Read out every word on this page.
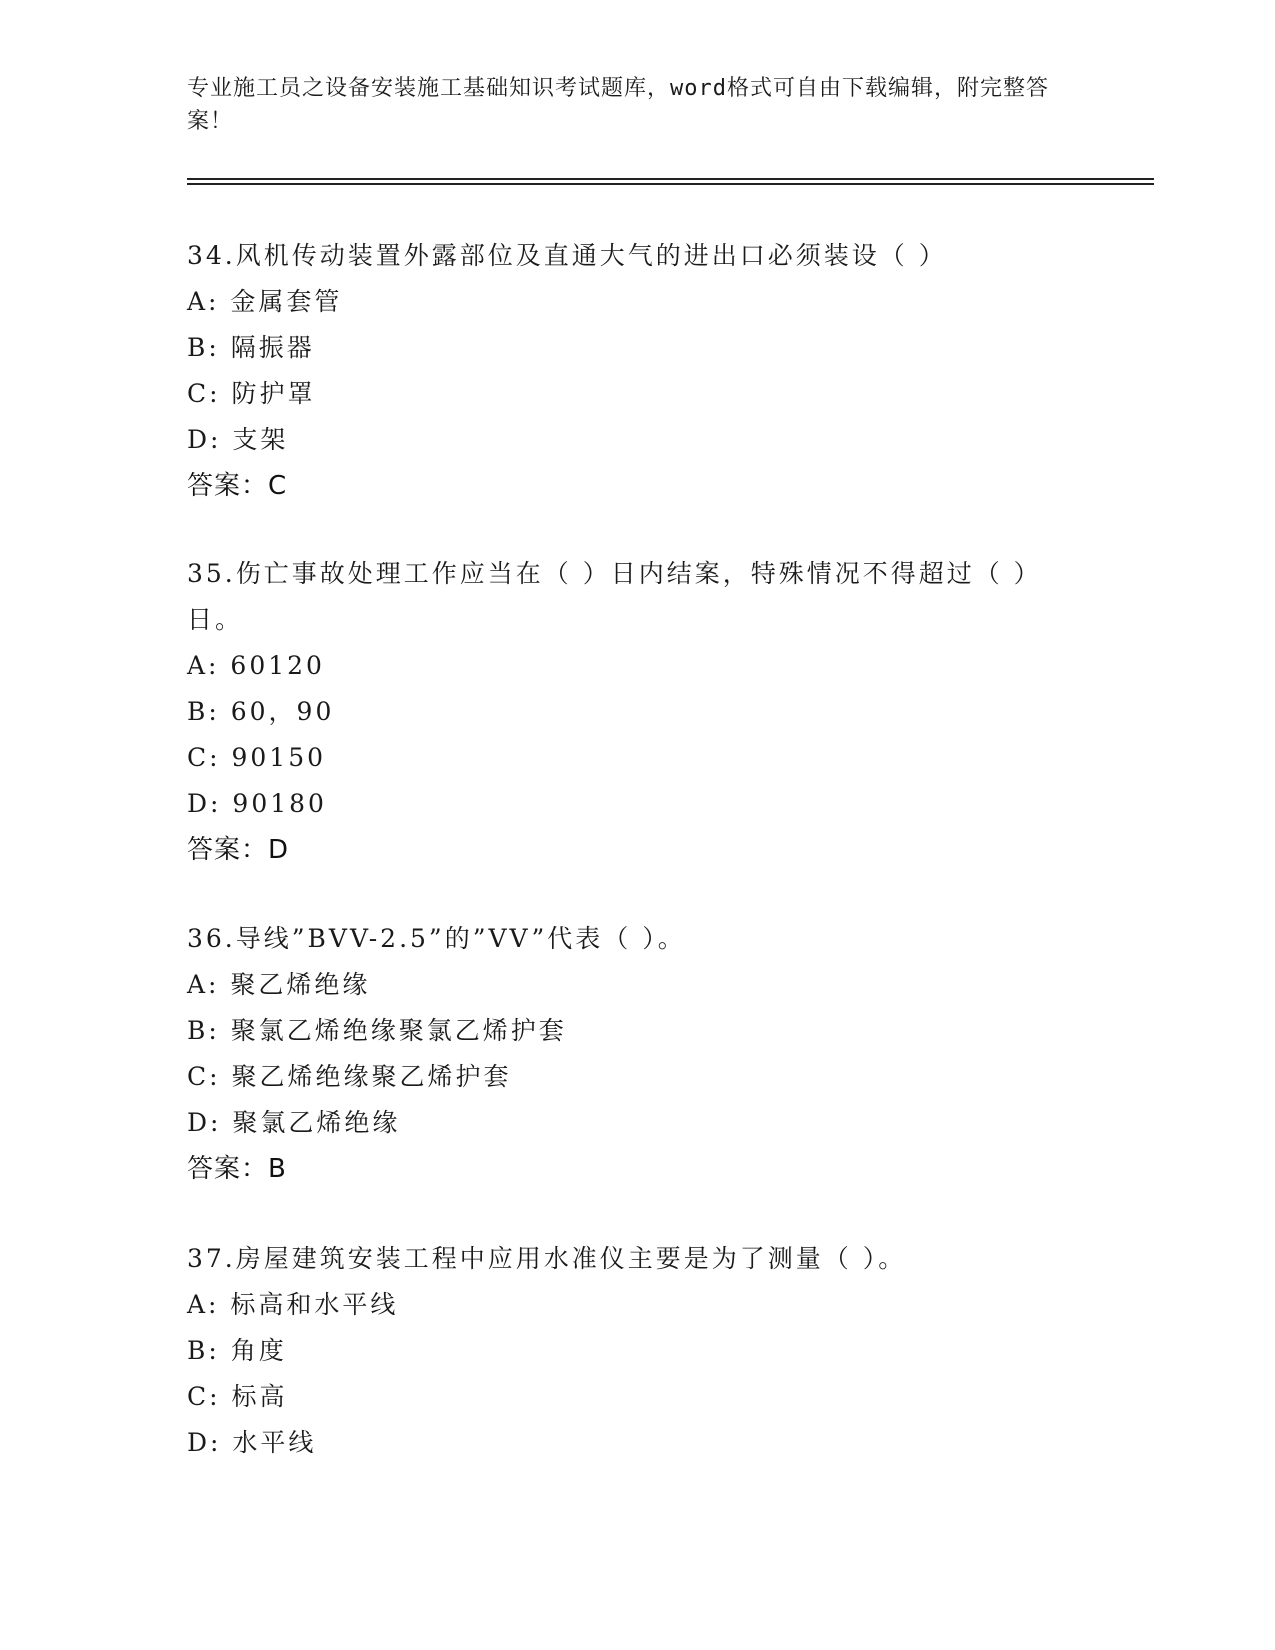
专业施工员之设备安装施工基础知识考试题库，word格式可自由下载编辑，附完整答案！

34.风机传动装置外露部位及直通大气的进出口必须装设（ ）

A: 金属套管

B: 隔振器

C: 防护罩

D: 支架

答案：C

35.伤亡事故处理工作应当在（ ）日内结案，特殊情况不得超过（ ）日。

A: 60120

B: 60，90

C: 90150

D: 90180

答案：D

36.导线”BVV-2.5”的”VV”代表（ ）。

A: 聚乙烯绝缘

B: 聚氯乙烯绝缘聚氯乙烯护套

C: 聚乙烯绝缘聚乙烯护套

D: 聚氯乙烯绝缘

答案：B

37.房屋建筑安装工程中应用水准仪主要是为了测量（ ）。

A: 标高和水平线

B: 角度

C: 标高

D: 水平线
